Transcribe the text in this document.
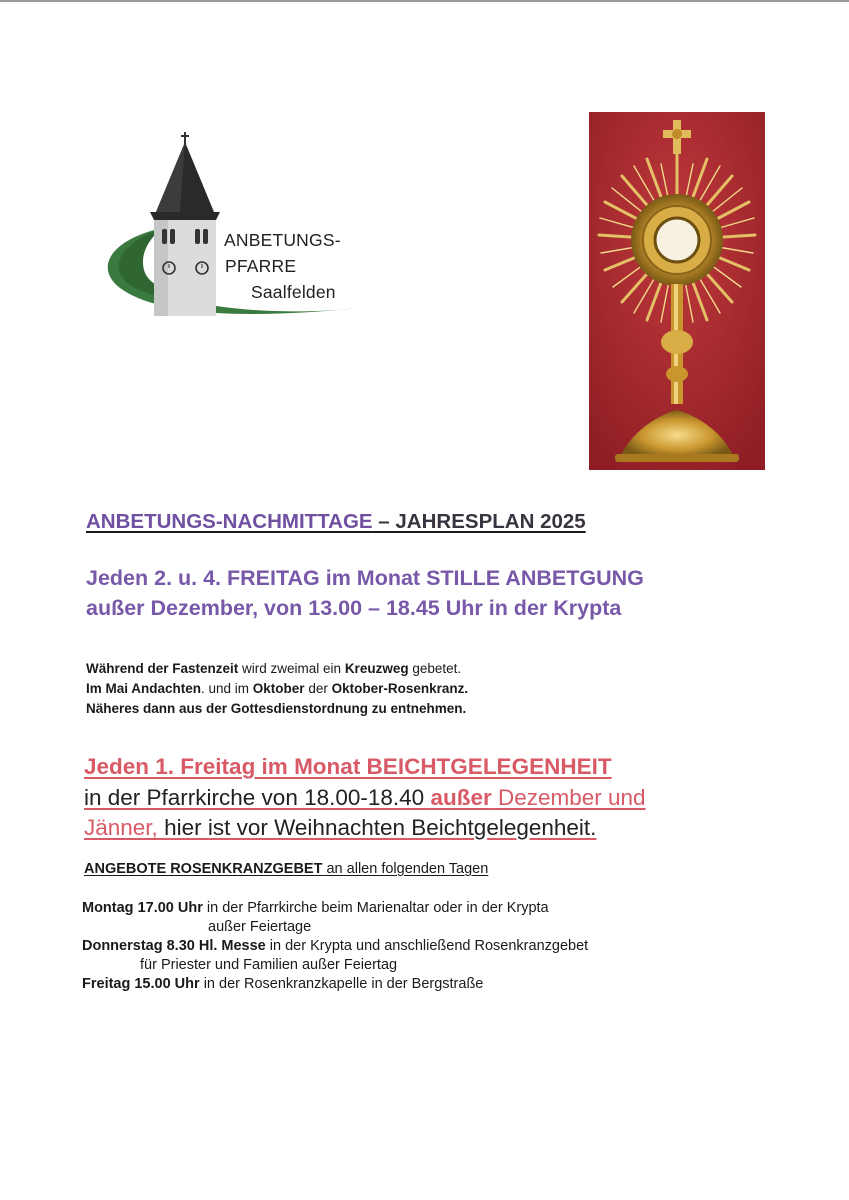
ANBETUNGS-
PFARRE
Saalfelden
ANBETUNGS-NACHMITTAGE – JAHRESPLAN 2025
Jeden 2. u. 4. FREITAG im Monat STILLE ANBETGUNG
außer Dezember, von 13.00 – 18.45 Uhr in der Krypta
Während der Fastenzeit wird zweimal ein Kreuzweg gebetet.
Im Mai Andachten. und im Oktober der Oktober-Rosenkranz.
Näheres dann aus der Gottesdienstordnung zu entnehmen.
Jeden 1. Freitag im Monat BEICHTGELEGENHEIT
in der Pfarrkirche von 18.00-18.40 außer Dezember und
Jänner, hier ist vor Weihnachten Beichtgelegenheit.
ANGEBOTE ROSENKRANZGEBET an allen folgenden Tagen
Montag 17.00 Uhr in der Pfarrkirche beim Marienaltar oder in der Krypta
außer Feiertage
Donnerstag 8.30 Hl. Messe in der Krypta und anschließend Rosenkranzgebet
für Priester und Familien außer Feiertag
Freitag 15.00 Uhr in der Rosenkranzkapelle in der Bergstraße
